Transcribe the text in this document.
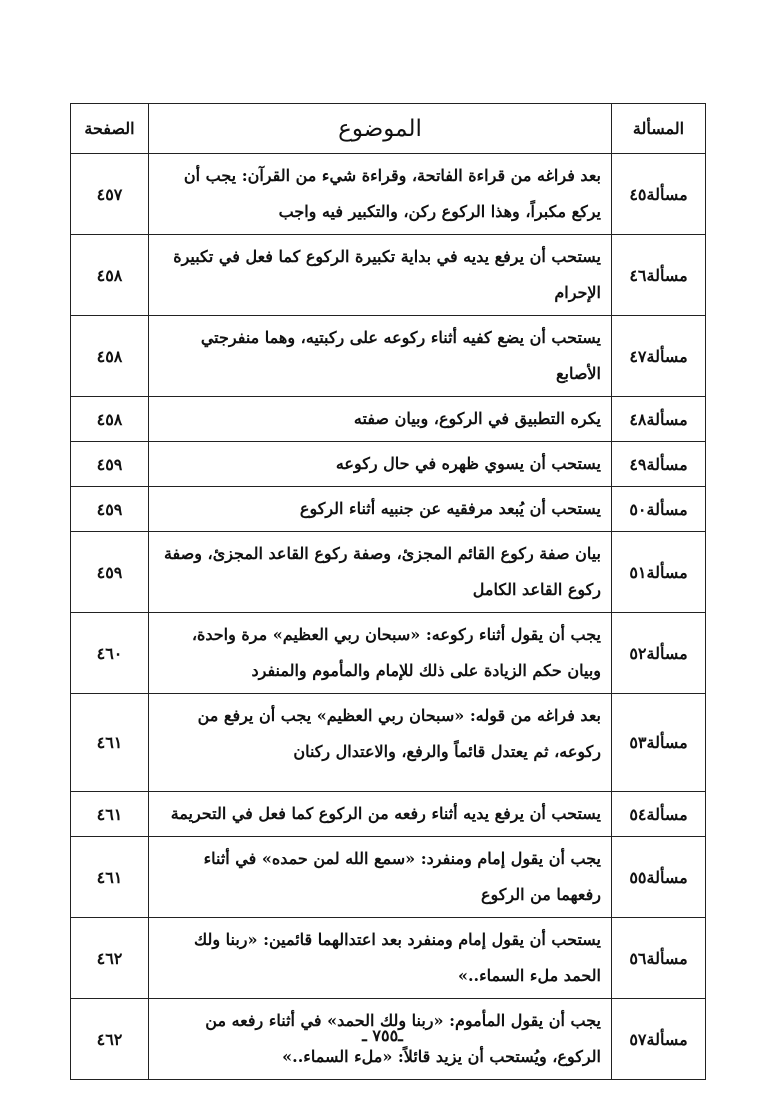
المسألة	الموضوع	الصفحة
مسألة٤٥	بعد فراغه من قراءة الفاتحة، وقراءة شيء من القرآن: يجب أن يركع مكبراً، وهذا الركوع ركن، والتكبير فيه واجب	٤٥٧
مسألة٤٦	يستحب أن يرفع يديه في بداية تكبيرة الركوع كما فعل في تكبيرة الإحرام	٤٥٨
مسألة٤٧	يستحب أن يضع كفيه أثناء ركوعه على ركبتيه، وهما منفرجتي الأصابع	٤٥٨
مسألة٤٨	يكره التطبيق في الركوع، وبيان صفته	٤٥٨
مسألة٤٩	يستحب أن يسوي ظهره في حال ركوعه	٤٥٩
مسألة٥٠	يستحب أن يُبعد مرفقيه عن جنبيه أثناء الركوع	٤٥٩
مسألة٥١	بيان صفة ركوع القائم المجزئ، وصفة ركوع القاعد المجزئ، وصفة ركوع القاعد الكامل	٤٥٩
مسألة٥٢	يجب أن يقول أثناء ركوعه: «سبحان ربي العظيم» مرة واحدة، وبيان حكم الزيادة على ذلك للإمام والمأموم والمنفرد	٤٦٠
مسألة٥٣	بعد فراغه من قوله: «سبحان ربي العظيم» يجب أن يرفع من ركوعه، ثم يعتدل قائماً والرفع، والاعتدال ركنان	٤٦١
مسألة٥٤	يستحب أن يرفع يديه أثناء رفعه من الركوع كما فعل في التحريمة	٤٦١
مسألة٥٥	يجب أن يقول إمام ومنفرد: «سمع الله لمن حمده» في أثناء رفعهما من الركوع	٤٦١
مسألة٥٦	يستحب أن يقول إمام ومنفرد بعد اعتدالهما قائمين: «ربنا ولك الحمد ملء السماء..»	٤٦٢
مسألة٥٧	يجب أن يقول المأموم: «ربنا ولك الحمد» في أثناء رفعه من الركوع، ويُستحب أن يزيد قائلاً: «ملء السماء..»	٤٦٢	ـ٧٥٥ ـ
